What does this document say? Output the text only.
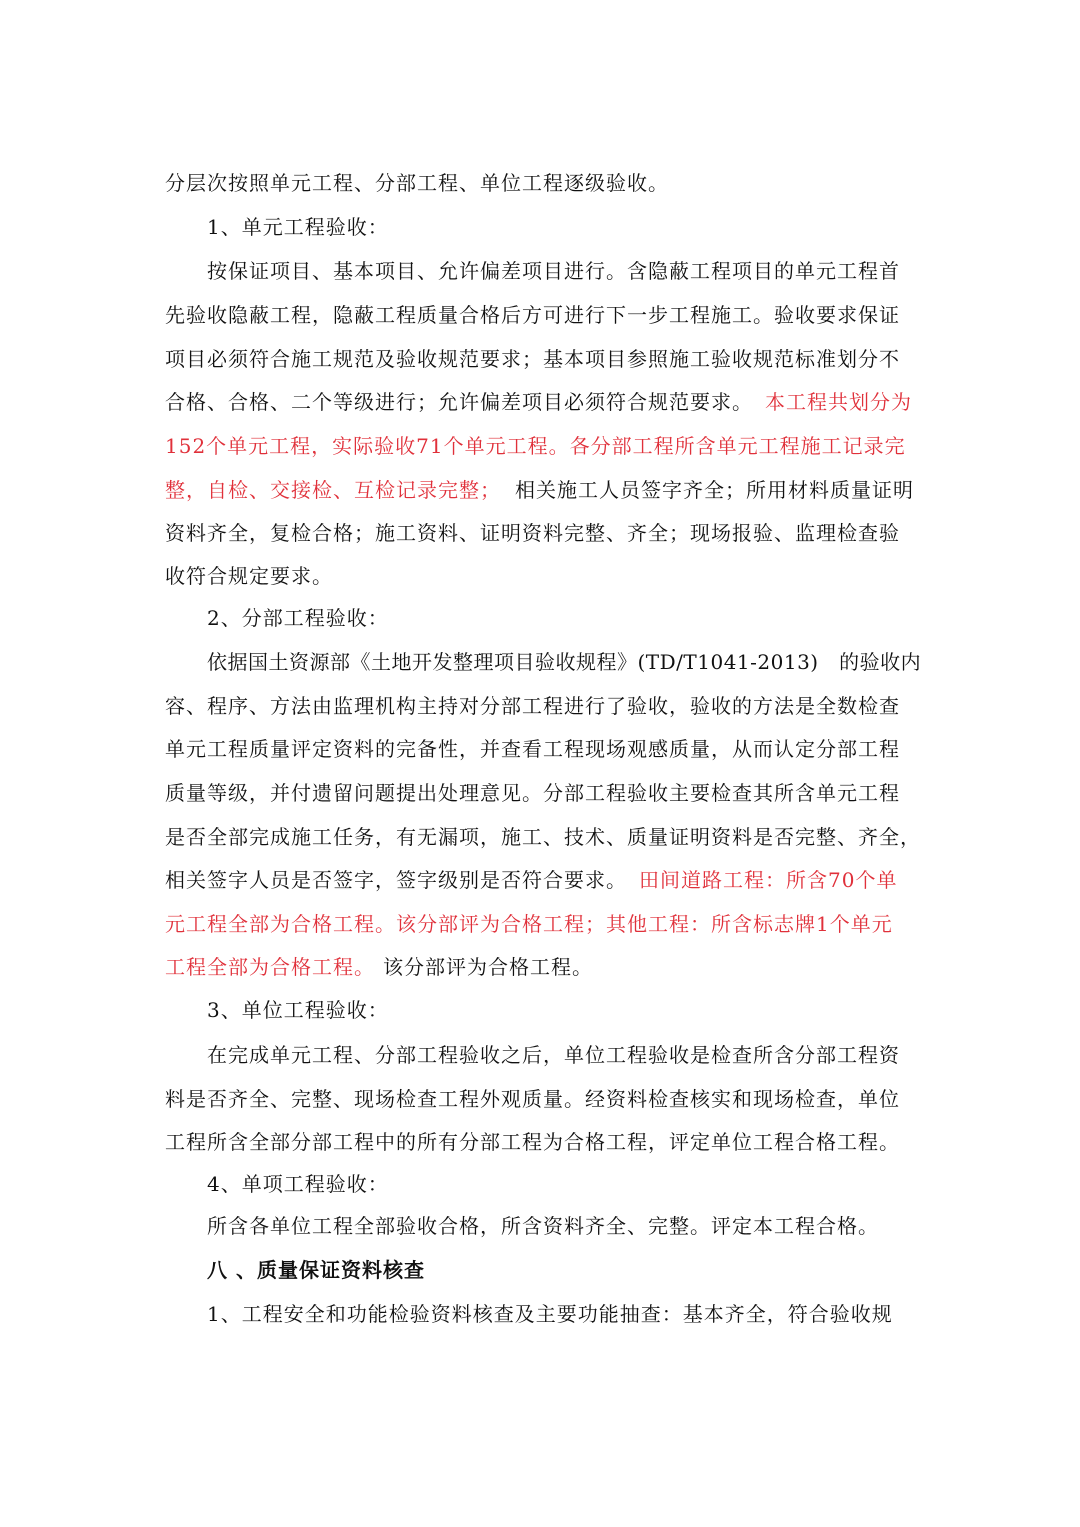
分层次按照单元工程、分部工程、单位工程逐级验收。
1、单元工程验收：
按保证项目、基本项目、允许偏差项目进行。含隐蔽工程项目的单元工程首
先验收隐蔽工程，隐蔽工程质量合格后方可进行下一步工程施工。验收要求保证
项目必须符合施工规范及验收规范要求；基本项目参照施工验收规范标准划分不
合格、合格、二个等级进行；允许偏差项目必须符合规范要求。 本工程共划分为
152个单元工程，实际验收71个单元工程。各分部工程所含单元工程施工记录完
整，自检、交接检、互检记录完整； 相关施工人员签字齐全；所用材料质量证明
资料齐全，复检合格；施工资料、证明资料完整、齐全；现场报验、监理检查验
收符合规定要求。
2、分部工程验收：
依据国土资源部《土地开发整理项目验收规程》(TD/T1041-2013)　的验收内
容、程序、方法由监理机构主持对分部工程进行了验收，验收的方法是全数检查
单元工程质量评定资料的完备性，并查看工程现场观感质量，从而认定分部工程
质量等级，并付遗留问题提出处理意见。分部工程验收主要检查其所含单元工程
是否全部完成施工任务，有无漏项，施工、技术、质量证明资料是否完整、齐全，
相关签字人员是否签字，签字级别是否符合要求。 田间道路工程：所含70个单
元工程全部为合格工程。该分部评为合格工程；其他工程：所含标志牌1个单元
工程全部为合格工程。 该分部评为合格工程。
3、单位工程验收：
在完成单元工程、分部工程验收之后，单位工程验收是检查所含分部工程资
料是否齐全、完整、现场检查工程外观质量。经资料检查核实和现场检查，单位
工程所含全部分部工程中的所有分部工程为合格工程，评定单位工程合格工程。
4、单项工程验收：
所含各单位工程全部验收合格，所含资料齐全、完整。评定本工程合格。
八 、质量保证资料核查
1、工程安全和功能检验资料核查及主要功能抽查：基本齐全，符合验收规
